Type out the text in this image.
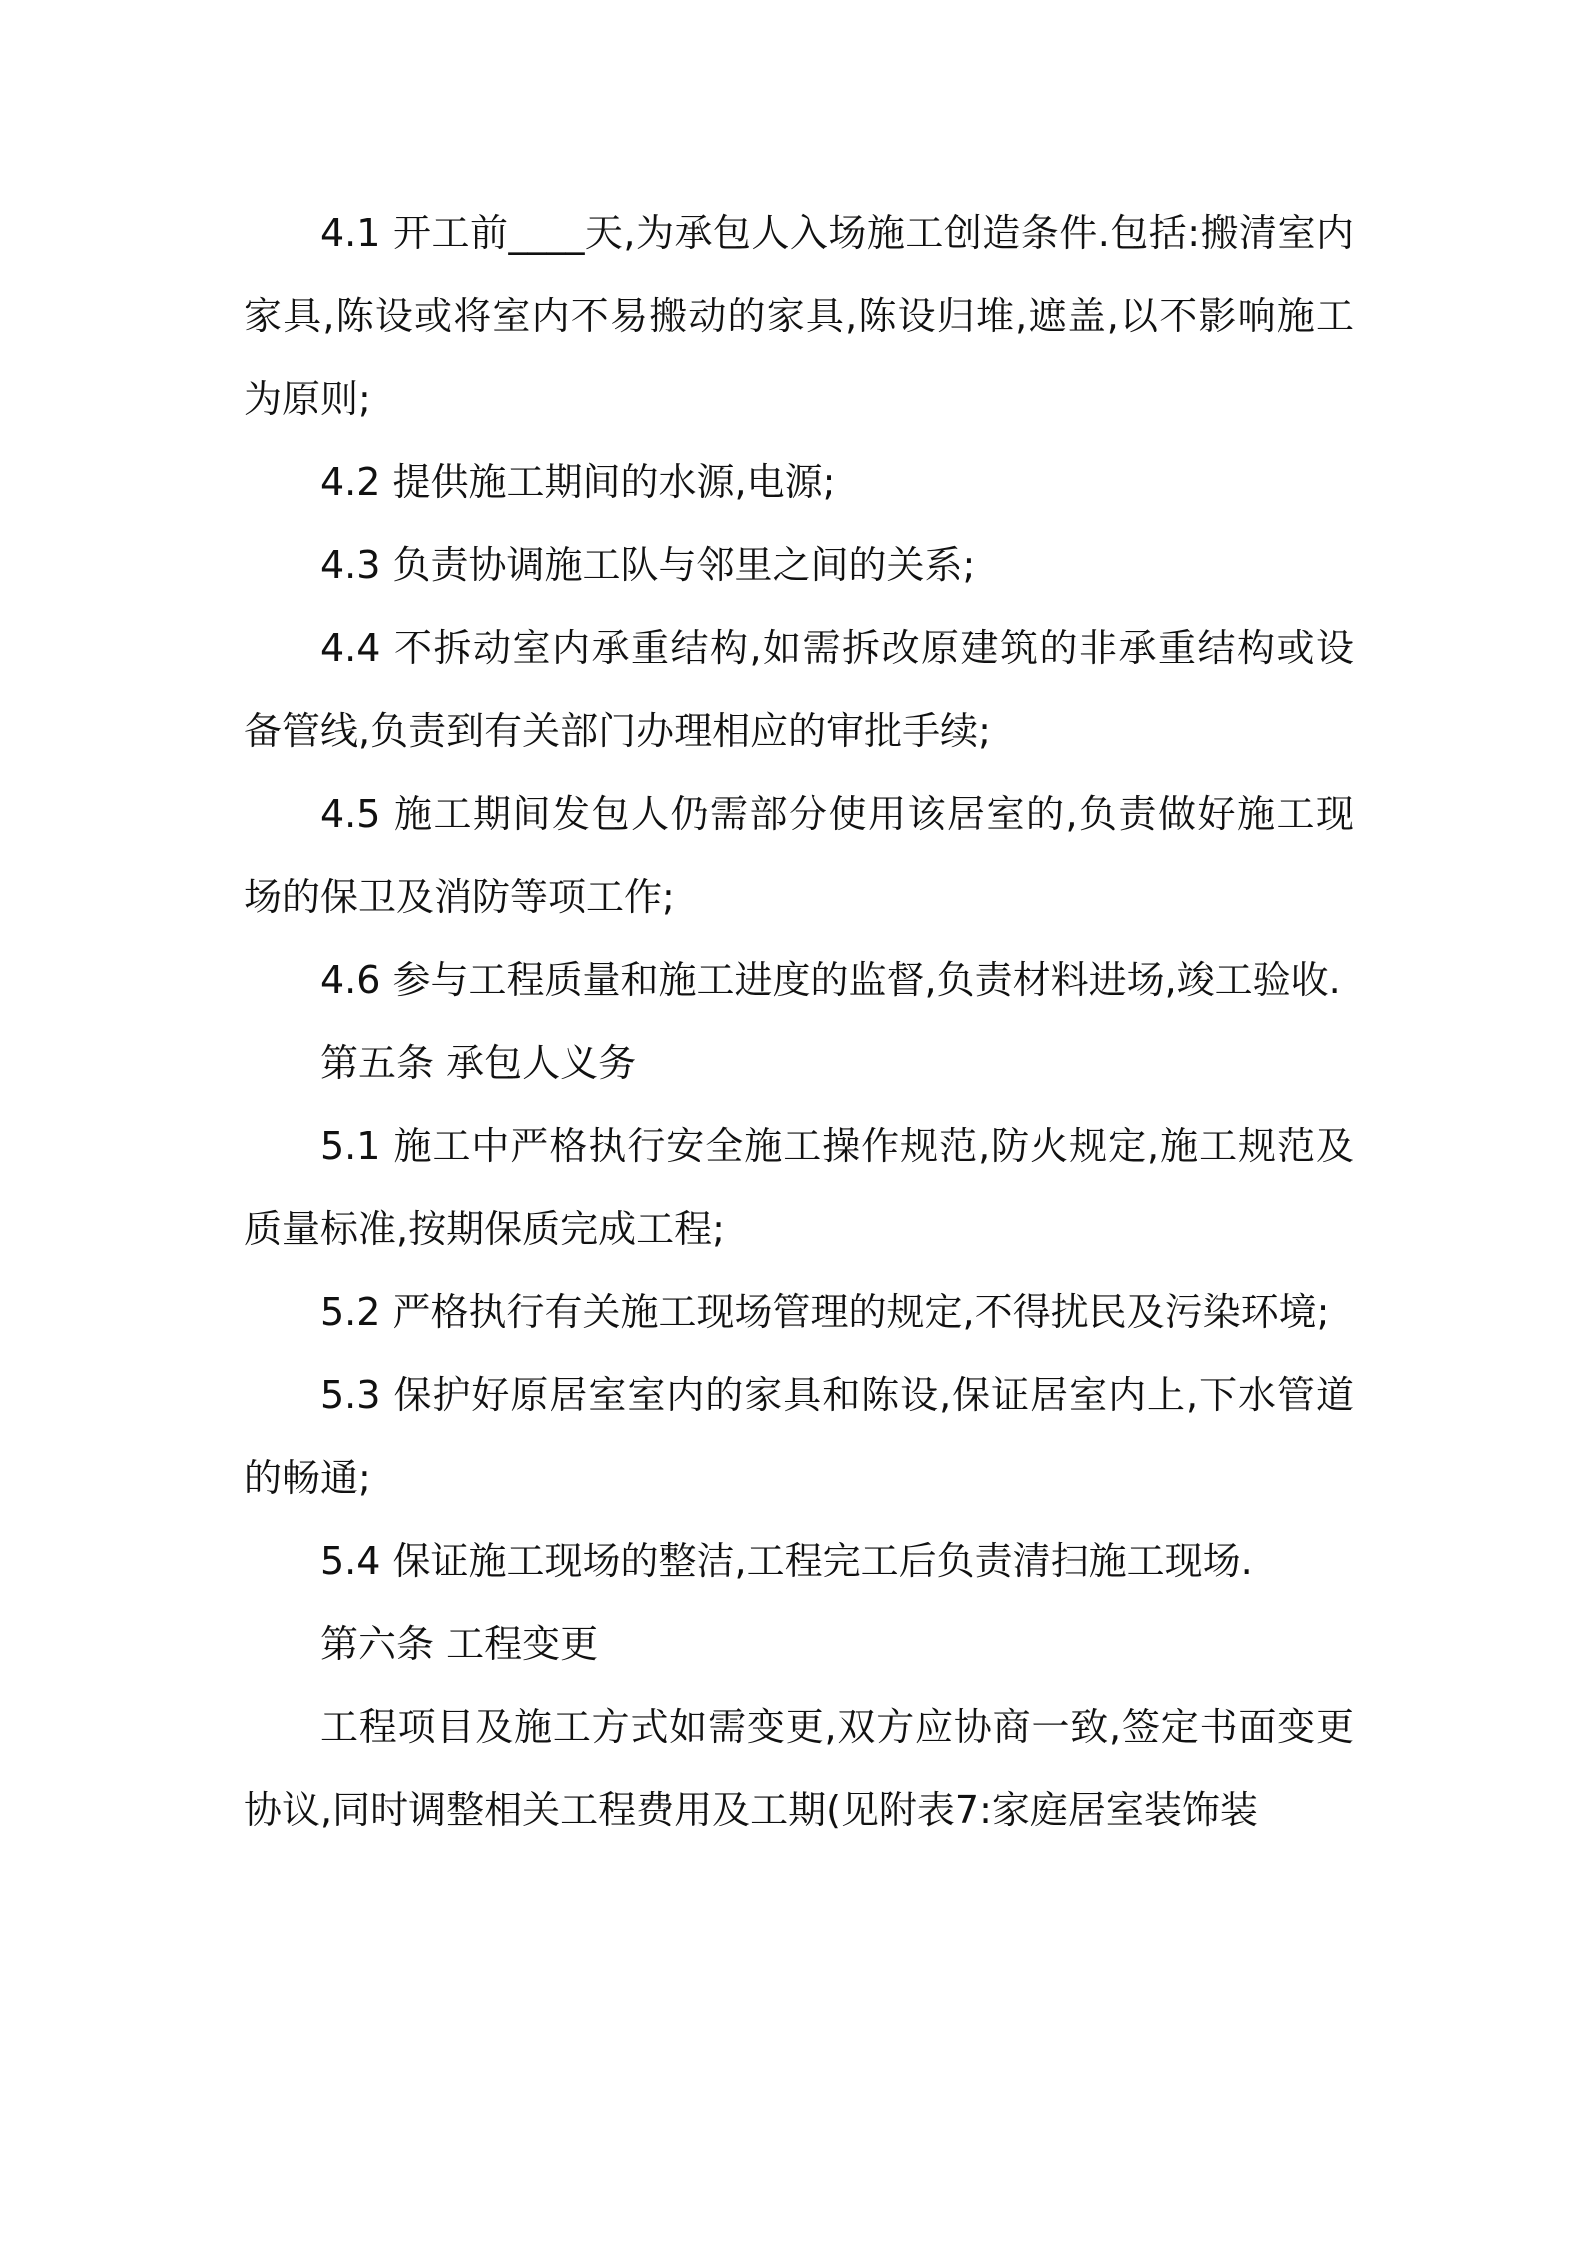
4.1 开工前____天,为承包人入场施工创造条件.包括:搬清室内家具,陈设或将室内不易搬动的家具,陈设归堆,遮盖,以不影响施工为原则;

4.2 提供施工期间的水源,电源;

4.3 负责协调施工队与邻里之间的关系;

4.4 不拆动室内承重结构,如需拆改原建筑的非承重结构或设备管线,负责到有关部门办理相应的审批手续;

4.5 施工期间发包人仍需部分使用该居室的,负责做好施工现场的保卫及消防等项工作;

4.6 参与工程质量和施工进度的监督,负责材料进场,竣工验收.

第五条 承包人义务

5.1 施工中严格执行安全施工操作规范,防火规定,施工规范及质量标准,按期保质完成工程;

5.2 严格执行有关施工现场管理的规定,不得扰民及污染环境;

5.3 保护好原居室室内的家具和陈设,保证居室内上,下水管道的畅通;

5.4 保证施工现场的整洁,工程完工后负责清扫施工现场.

第六条 工程变更

工程项目及施工方式如需变更,双方应协商一致,签定书面变更协议,同时调整相关工程费用及工期(见附表7:家庭居室装饰装
